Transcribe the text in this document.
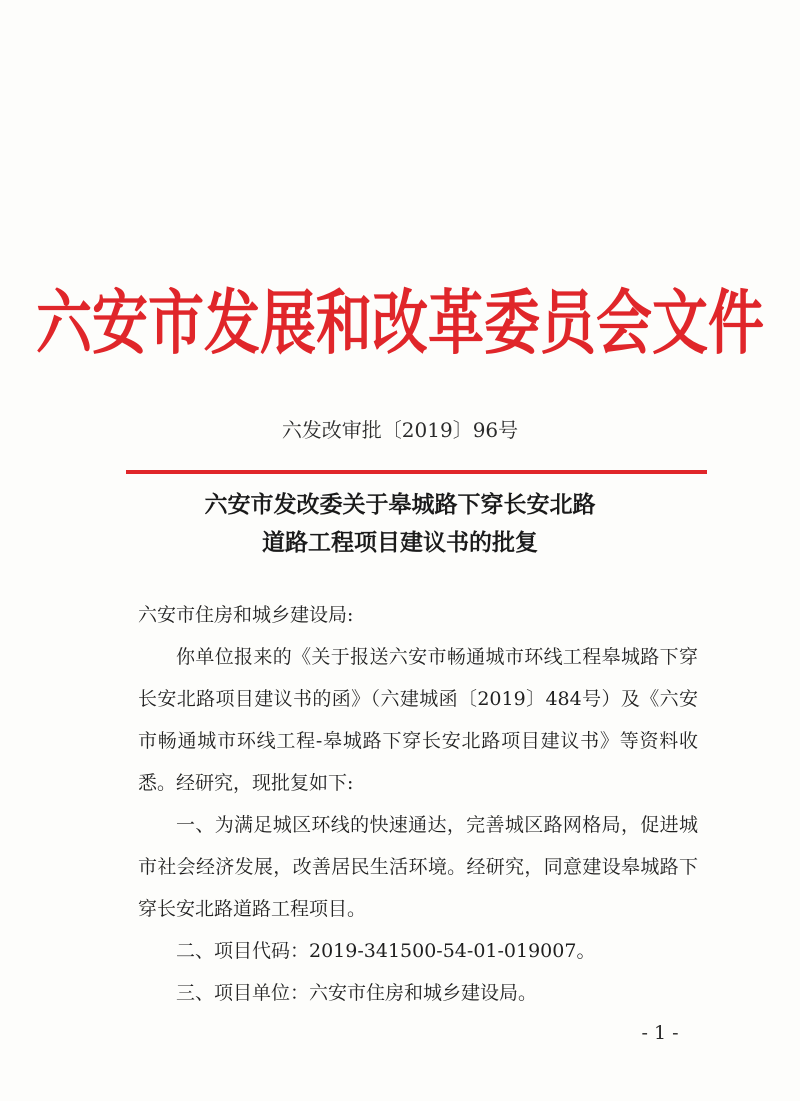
六安市发展和改革委员会文件
六发改审批〔2019〕96号
六安市发改委关于皋城路下穿长安北路
道路工程项目建议书的批复

六安市住房和城乡建设局:

你单位报来的《关于报送六安市畅通城市环线工程皋城路下穿长安北路项目建议书的函》（六建城函〔2019〕484号）及《六安市畅通城市环线工程-皋城路下穿长安北路项目建议书》等资料收悉。经研究，现批复如下:

一、为满足城区环线的快速通达，完善城区路网格局，促进城市社会经济发展，改善居民生活环境。经研究，同意建设皋城路下穿长安北路道路工程项目。

二、项目代码：2019-341500-54-01-019007。

三、项目单位：六安市住房和城乡建设局。

- 1 -
